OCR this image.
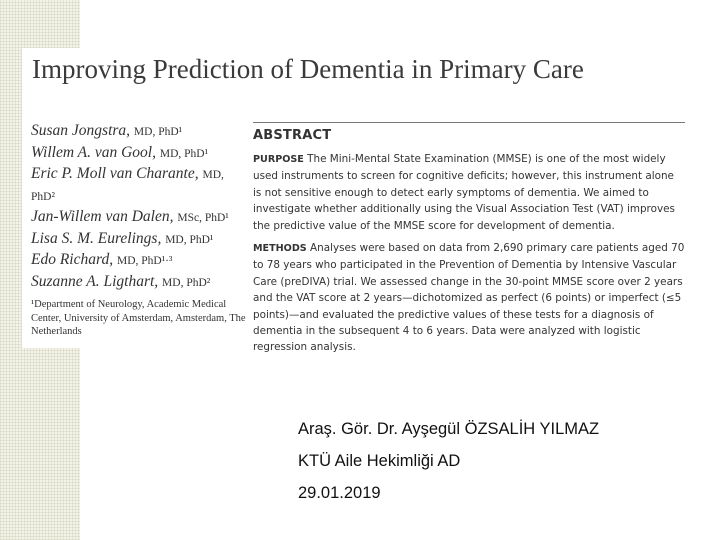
Improving Prediction of Dementia in Primary Care
Susan Jongstra, MD, PhD¹
Willem A. van Gool, MD, PhD¹
Eric P. Moll van Charante, MD, PhD²
Jan-Willem van Dalen, MSc, PhD¹
Lisa S. M. Eurelings, MD, PhD¹
Edo Richard, MD, PhD¹·³
Suzanne A. Ligthart, MD, PhD²
¹Department of Neurology, Academic Medical Center, University of Amsterdam, Amsterdam, The Netherlands
ABSTRACT

PURPOSE The Mini-Mental State Examination (MMSE) is one of the most widely used instruments to screen for cognitive deficits; however, this instrument alone is not sensitive enough to detect early symptoms of dementia. We aimed to investigate whether additionally using the Visual Association Test (VAT) improves the predictive value of the MMSE score for development of dementia.

METHODS Analyses were based on data from 2,690 primary care patients aged 70 to 78 years who participated in the Prevention of Dementia by Intensive Vascular Care (preDIVA) trial. We assessed change in the 30-point MMSE score over 2 years and the VAT score at 2 years—dichotomized as perfect (6 points) or imperfect (≤5 points)—and evaluated the predictive values of these tests for a diagnosis of dementia in the subsequent 4 to 6 years. Data were analyzed with logistic regression analysis.

Araş. Gör. Dr. Ayşegül ÖZSALİH YILMAZ
KTÜ Aile Hekimliği AD
29.01.2019
